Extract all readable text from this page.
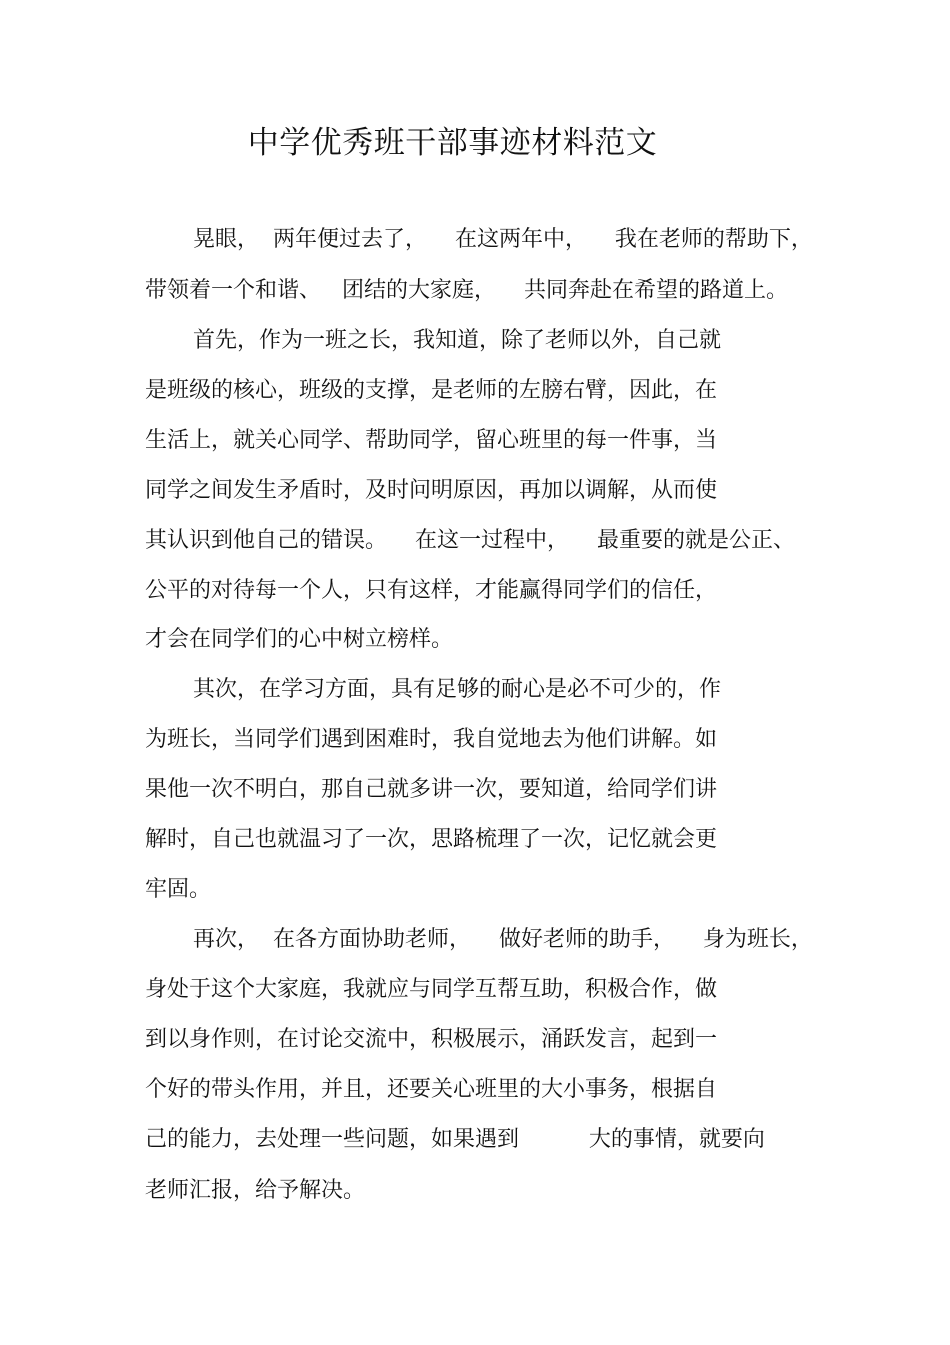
中学优秀班干部事迹材料范文
晃眼，  两年便过去了，    在这两年中，    我在老师的帮助下，
带领着一个和谐、   团结的大家庭，    共同奔赴在希望的路道上。
首先，作为一班之长，我知道，除了老师以外，自己就
是班级的核心，班级的支撑，是老师的左膀右臂，因此，在
生活上，就关心同学、帮助同学，留心班里的每一件事，当
同学之间发生矛盾时，及时问明原因，再加以调解，从而使
其认识到他自己的错误。    在这一过程中，    最重要的就是公正、
公平的对待每一个人，只有这样，才能赢得同学们的信任，
才会在同学们的心中树立榜样。
其次，在学习方面，具有足够的耐心是必不可少的，作
为班长，当同学们遇到困难时，我自觉地去为他们讲解。如
果他一次不明白，那自己就多讲一次，要知道，给同学们讲
解时，自己也就温习了一次，思路梳理了一次，记忆就会更
牢固。
再次，  在各方面协助老师，    做好老师的助手，    身为班长，
身处于这个大家庭，我就应与同学互帮互助，积极合作，做
到以身作则，在讨论交流中，积极展示，涌跃发言，起到一
个好的带头作用，并且，还要关心班里的大小事务，根据自
己的能力，去处理一些问题，如果遇到          大的事情，就要向
老师汇报，给予解决。
